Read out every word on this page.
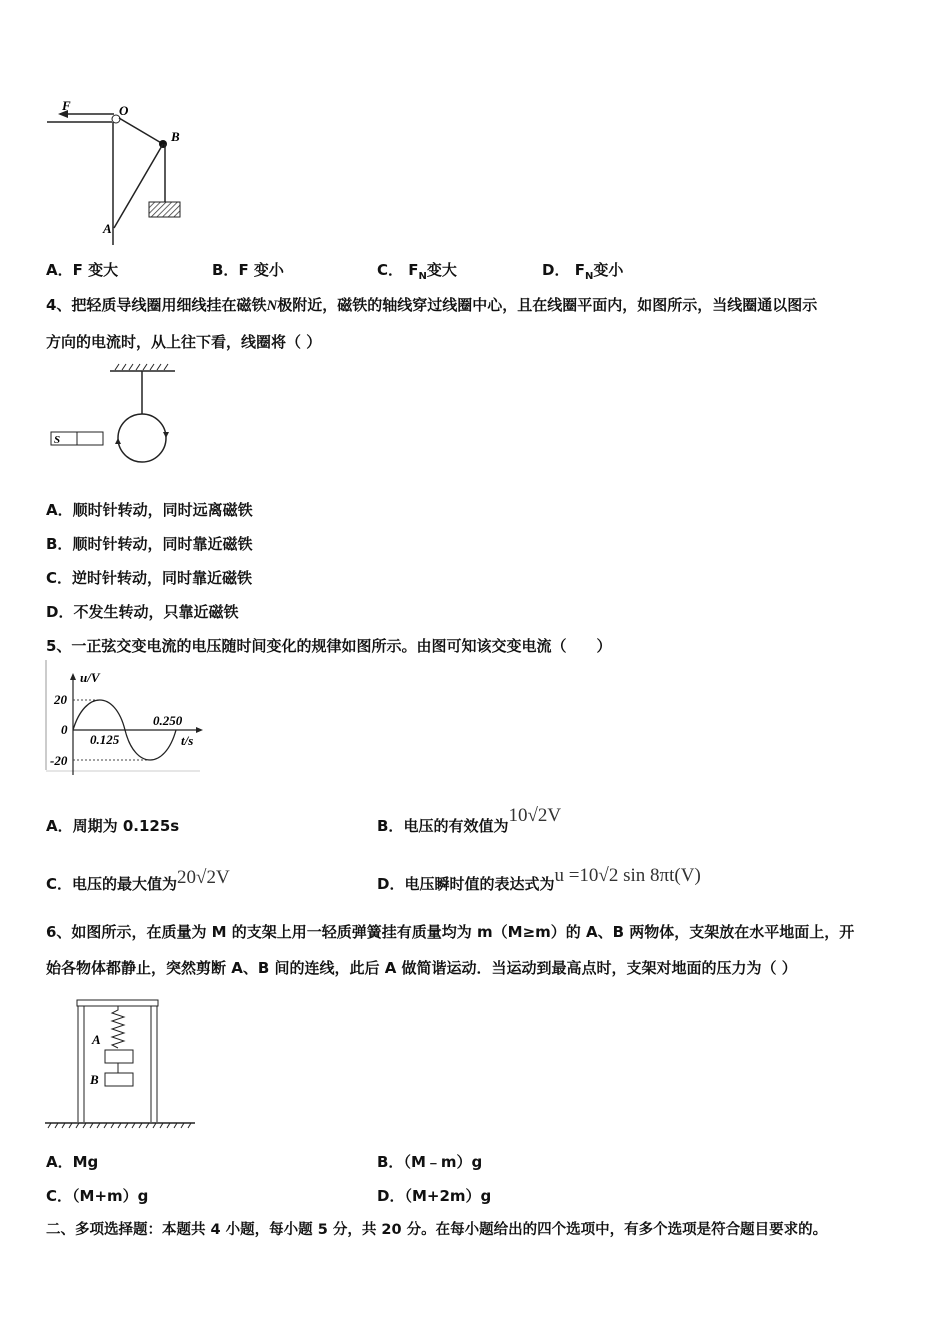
F	O
B
A
A．F 变大	B．F 变小	C． $F_N$变大	D． $F_N$变小
4、把轻质导线圈用细线挂在磁铁N极附近，磁铁的轴线穿过线圈中心，且在线圈平面内，如图所示，当线圈通以图示
方向的电流时，从上往下看，线圈将（ ）
S
A．顺时针转动，同时远离磁铁
B．顺时针转动，同时靠近磁铁
C．逆时针转动，同时靠近磁铁
D．不发生转动，只靠近磁铁
5、一正弦交变电流的电压随时间变化的规律如图所示。由图可知该交变电流（　　）
u/V
20
0
-20
0.125
0.250
t/s
A．周期为 0.125s	B．电压的有效值为10√2V
C．电压的最大值为20√2V	D．电压瞬时值的表达式为u =10√2 sin 8πt(V)
6、如图所示，在质量为 M 的支架上用一轻质弹簧挂有质量均为 m（M≥m）的 A、B 两物体，支架放在水平地面上，开
始各物体都静止，突然剪断 A、B 间的连线，此后 A 做简谐运动．当运动到最高点时，支架对地面的压力为（ ）
A
B
A．Mg	B．（M﹣m）g
C．（M+m）g	D．（M+2m）g
二、多项选择题：本题共 4 小题，每小题 5 分，共 20 分。在每小题给出的四个选项中，有多个选项是符合题目要求的。
